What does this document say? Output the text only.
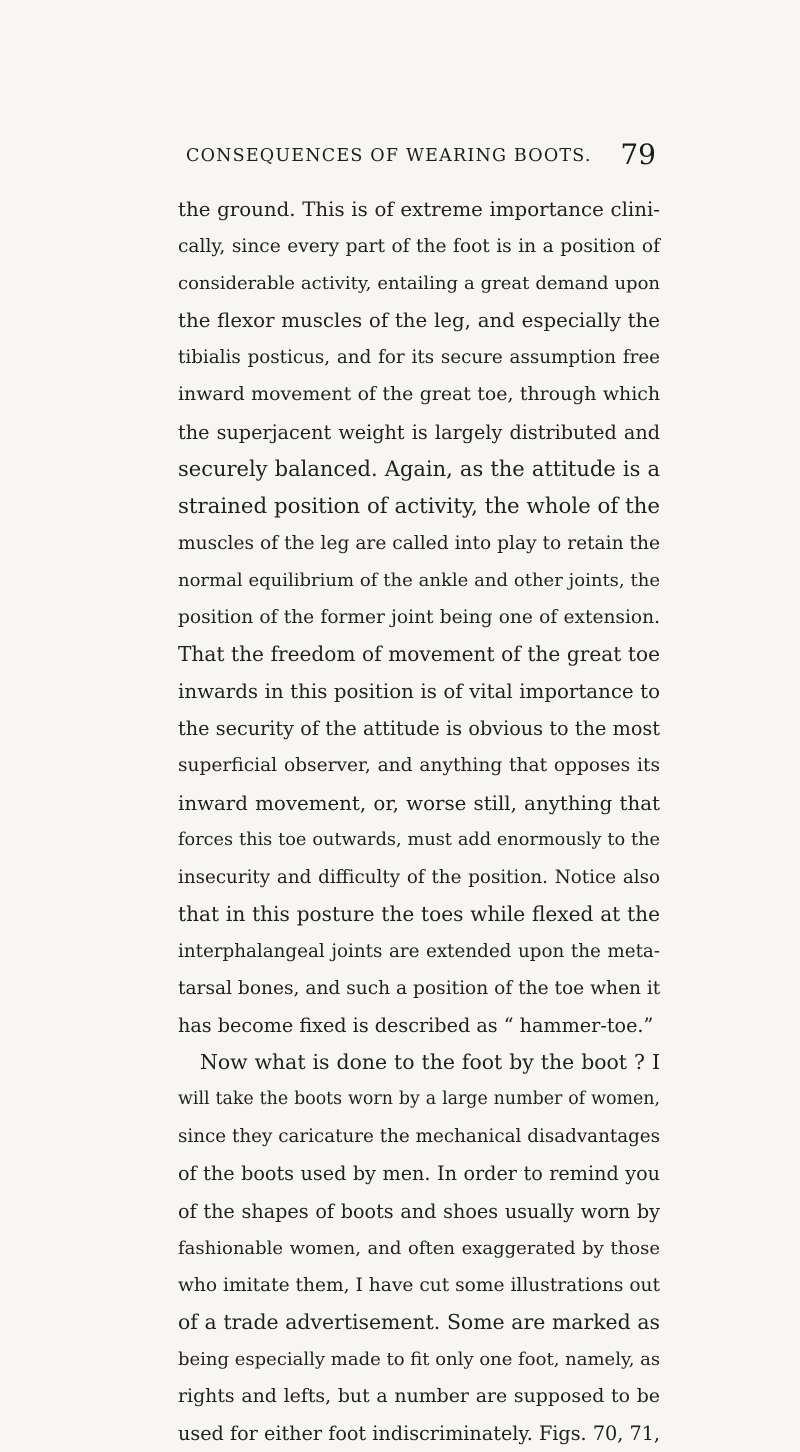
CONSEQUENCES OF WEARING BOOTS. 79
the ground. This is of extreme importance clini-
cally, since every part of the foot is in a position of
considerable activity, entailing a great demand upon
the flexor muscles of the leg, and especially the
tibialis posticus, and for its secure assumption free
inward movement of the great toe, through which
the superjacent weight is largely distributed and
securely balanced. Again, as the attitude is a
strained position of activity, the whole of the
muscles of the leg are called into play to retain the
normal equilibrium of the ankle and other joints, the
position of the former joint being one of extension.
That the freedom of movement of the great toe
inwards in this position is of vital importance to
the security of the attitude is obvious to the most
superficial observer, and anything that opposes its
inward movement, or, worse still, anything that
forces this toe outwards, must add enormously to the
insecurity and difficulty of the position. Notice also
that in this posture the toes while flexed at the
interphalangeal joints are extended upon the meta-
tarsal bones, and such a position of the toe when it
has become fixed is described as “ hammer-toe.”
Now what is done to the foot by the boot ? I
will take the boots worn by a large number of women,
since they caricature the mechanical disadvantages
of the boots used by men. In order to remind you
of the shapes of boots and shoes usually worn by
fashionable women, and often exaggerated by those
who imitate them, I have cut some illustrations out
of a trade advertisement. Some are marked as
being especially made to fit only one foot, namely, as
rights and lefts, but a number are supposed to be
used for either foot indiscriminately. Figs. 70, 71,
